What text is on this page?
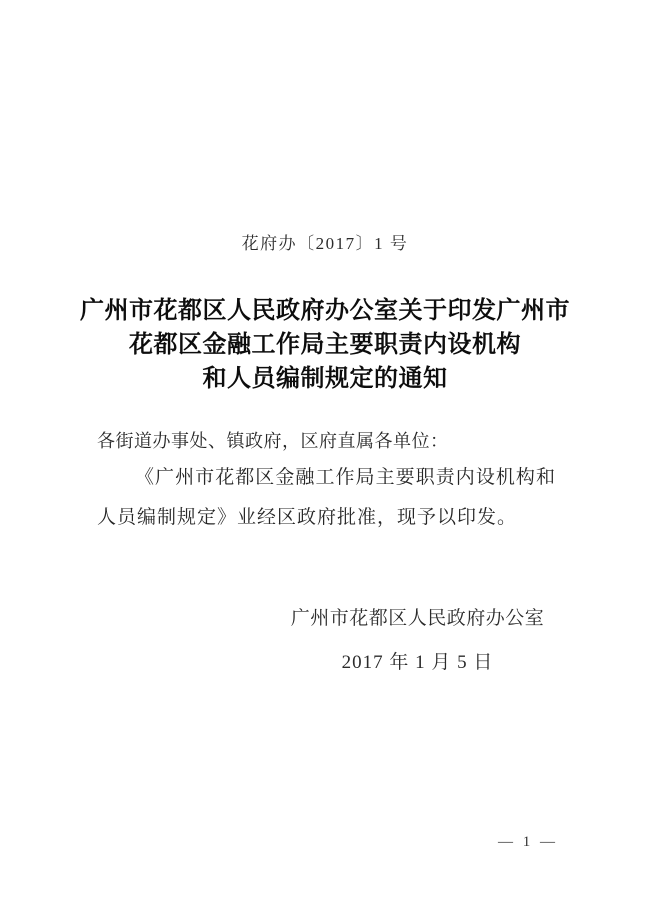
花府办〔2017〕1 号
广州市花都区人民政府办公室关于印发广州市
花都区金融工作局主要职责内设机构
和人员编制规定的通知
各街道办事处、镇政府，区府直属各单位：

《广州市花都区金融工作局主要职责内设机构和人员编制规定》业经区政府批准，现予以印发。

广州市花都区人民政府办公室
2017 年 1 月 5 日
— 1 —
